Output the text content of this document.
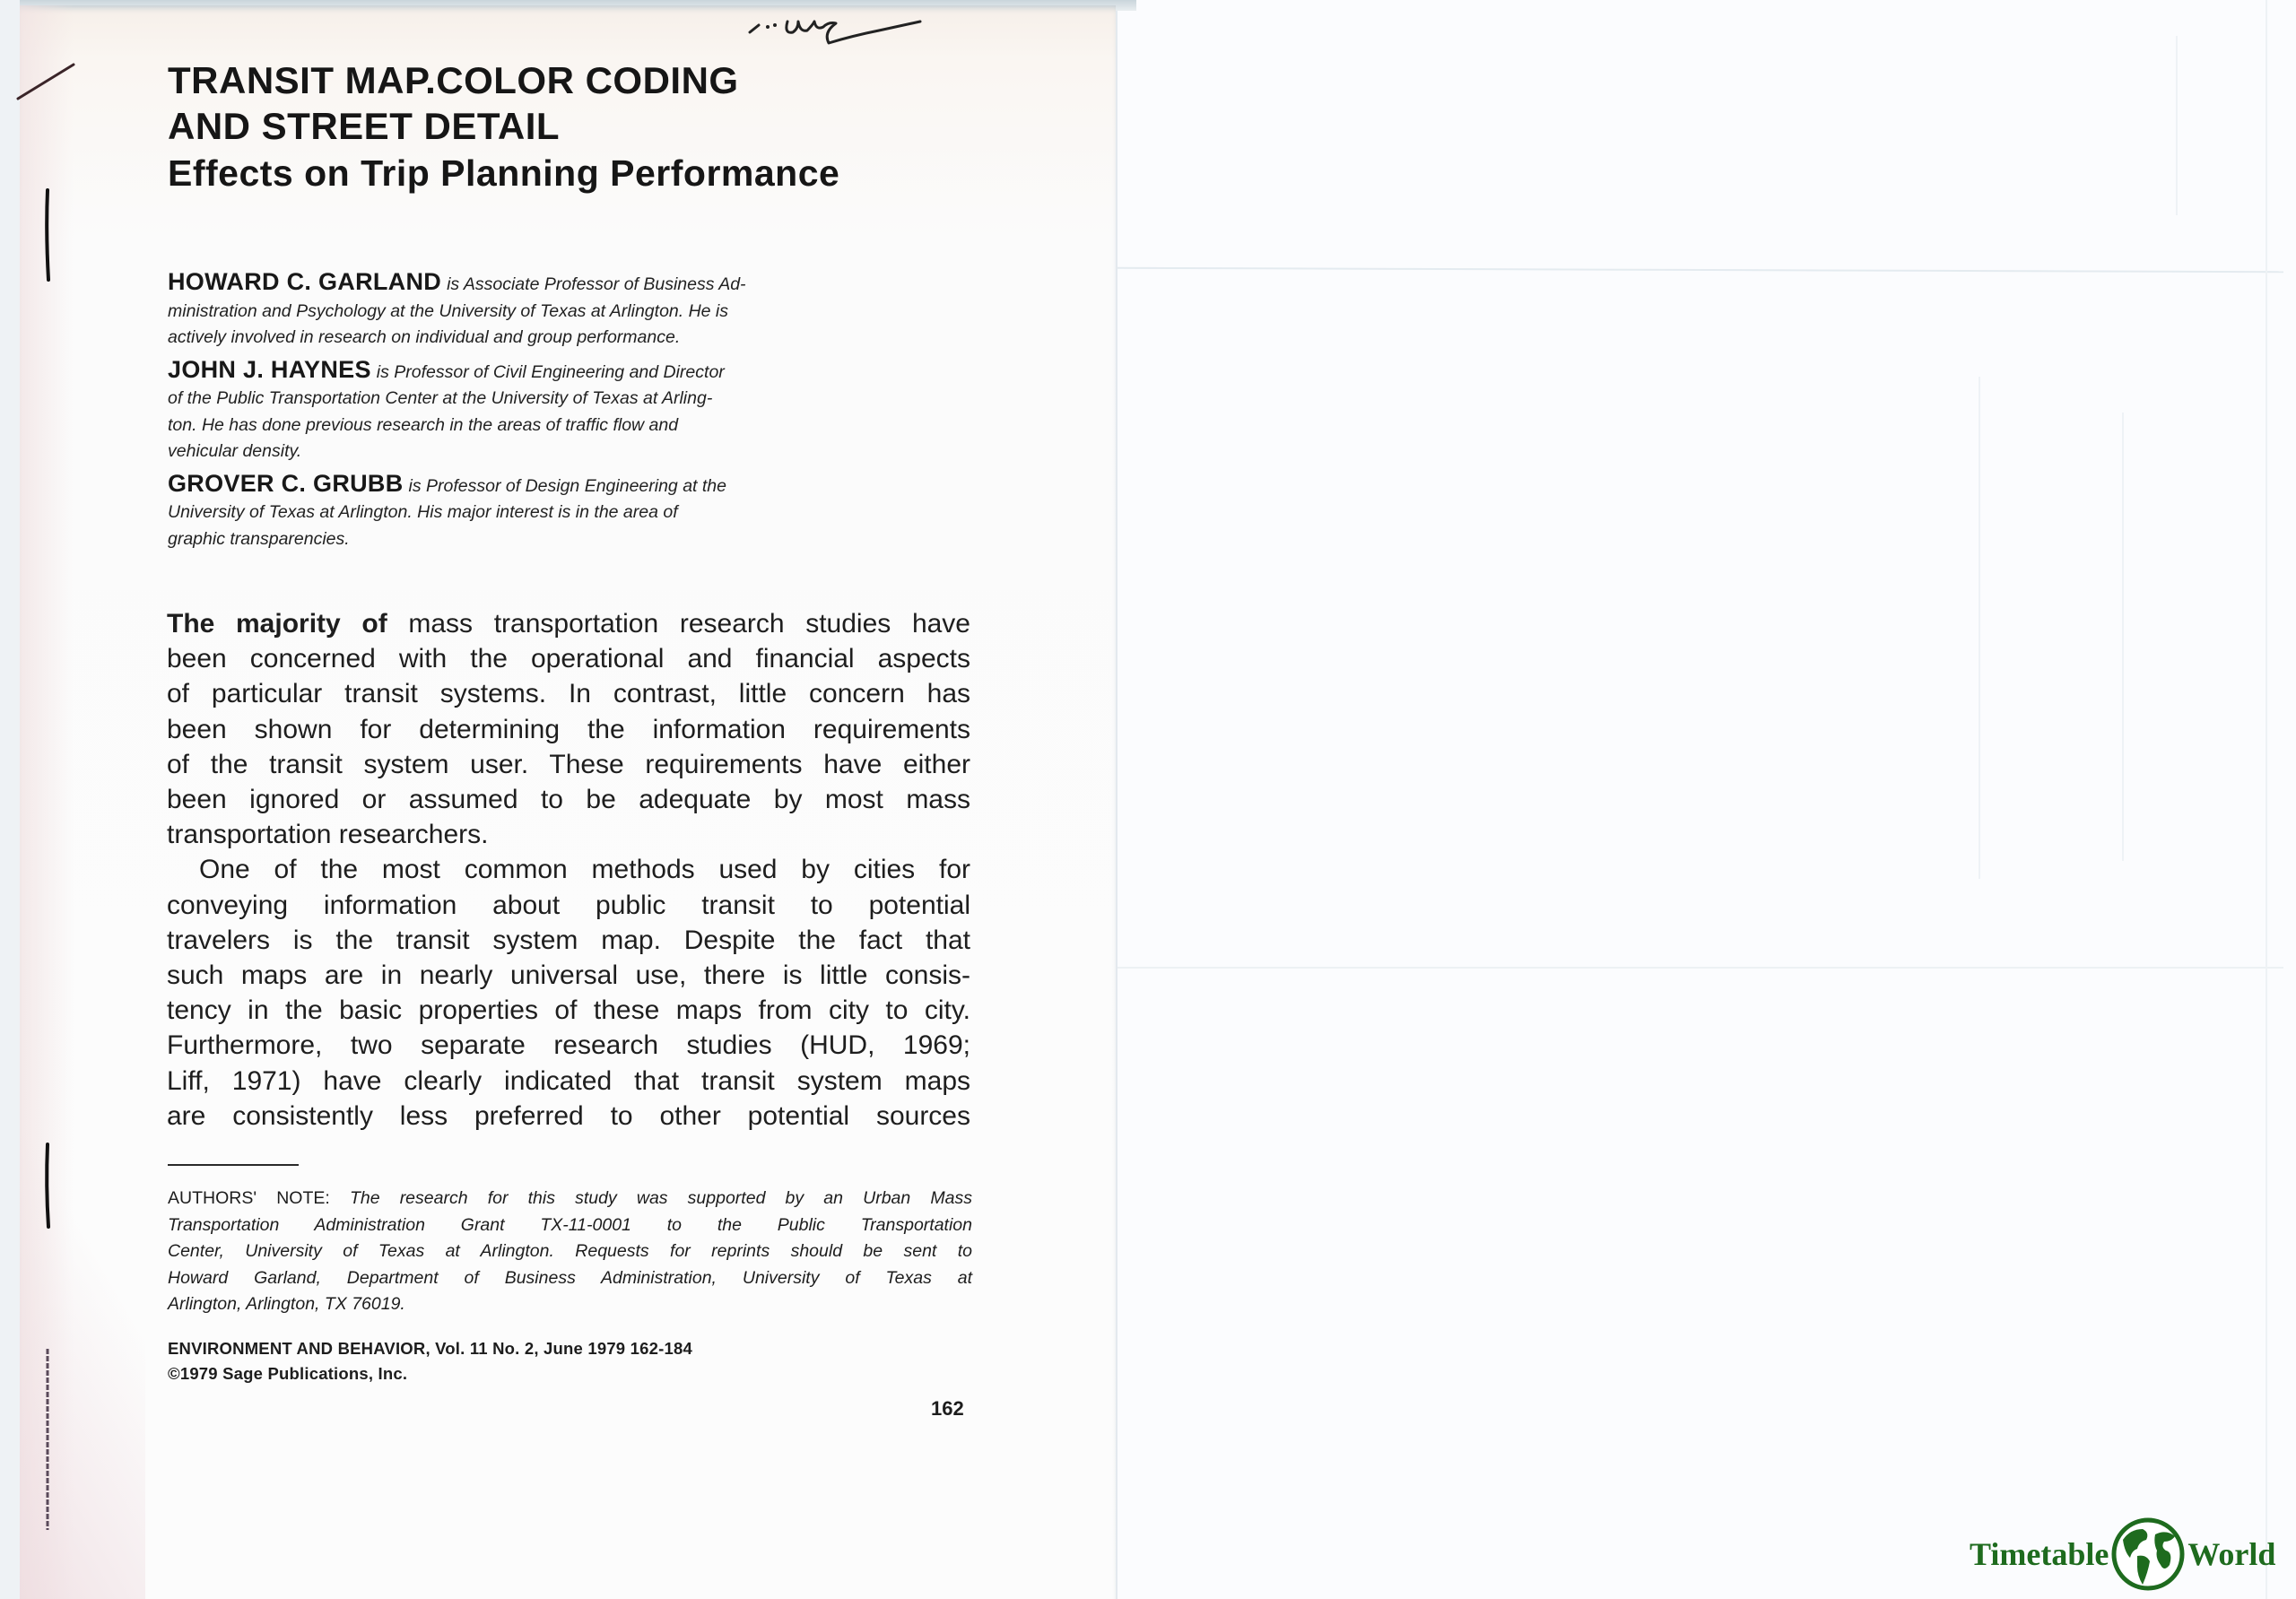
TRANSIT MAP.COLOR CODING
AND STREET DETAIL
Effects on Trip Planning Performance
HOWARD C. GARLAND is Associate Professor of Business Ad-
ministration and Psychology at the University of Texas at Arlington. He is
actively involved in research on individual and group performance.
JOHN J. HAYNES is Professor of Civil Engineering and Director
of the Public Transportation Center at the University of Texas at Arling-
ton. He has done previous research in the areas of traffic flow and
vehicular density.
GROVER C. GRUBB is Professor of Design Engineering at the
University of Texas at Arlington. His major interest is in the area of
graphic transparencies.
The majority of mass transportation research studies have
been concerned with the operational and financial aspects
of particular transit systems. In contrast, little concern has
been shown for determining the information requirements
of the transit system user. These requirements have either
been ignored or assumed to be adequate by most mass
transportation researchers.
One of the most common methods used by cities for
conveying information about public transit to potential
travelers is the transit system map. Despite the fact that
such maps are in nearly universal use, there is little consis-
tency in the basic properties of these maps from city to city.
Furthermore, two separate research studies (HUD, 1969;
Liff, 1971) have clearly indicated that transit system maps
are consistently less preferred to other potential sources
AUTHORS' NOTE: The research for this study was supported by an Urban Mass
Transportation Administration Grant TX-11-0001 to the Public Transportation
Center, University of Texas at Arlington. Requests for reprints should be sent to
Howard Garland, Department of Business Administration, University of Texas at
Arlington, Arlington, TX 76019.
ENVIRONMENT AND BEHAVIOR, Vol. 11 No. 2, June 1979 162-184
©1979 Sage Publications, Inc.
162
Timetable World
